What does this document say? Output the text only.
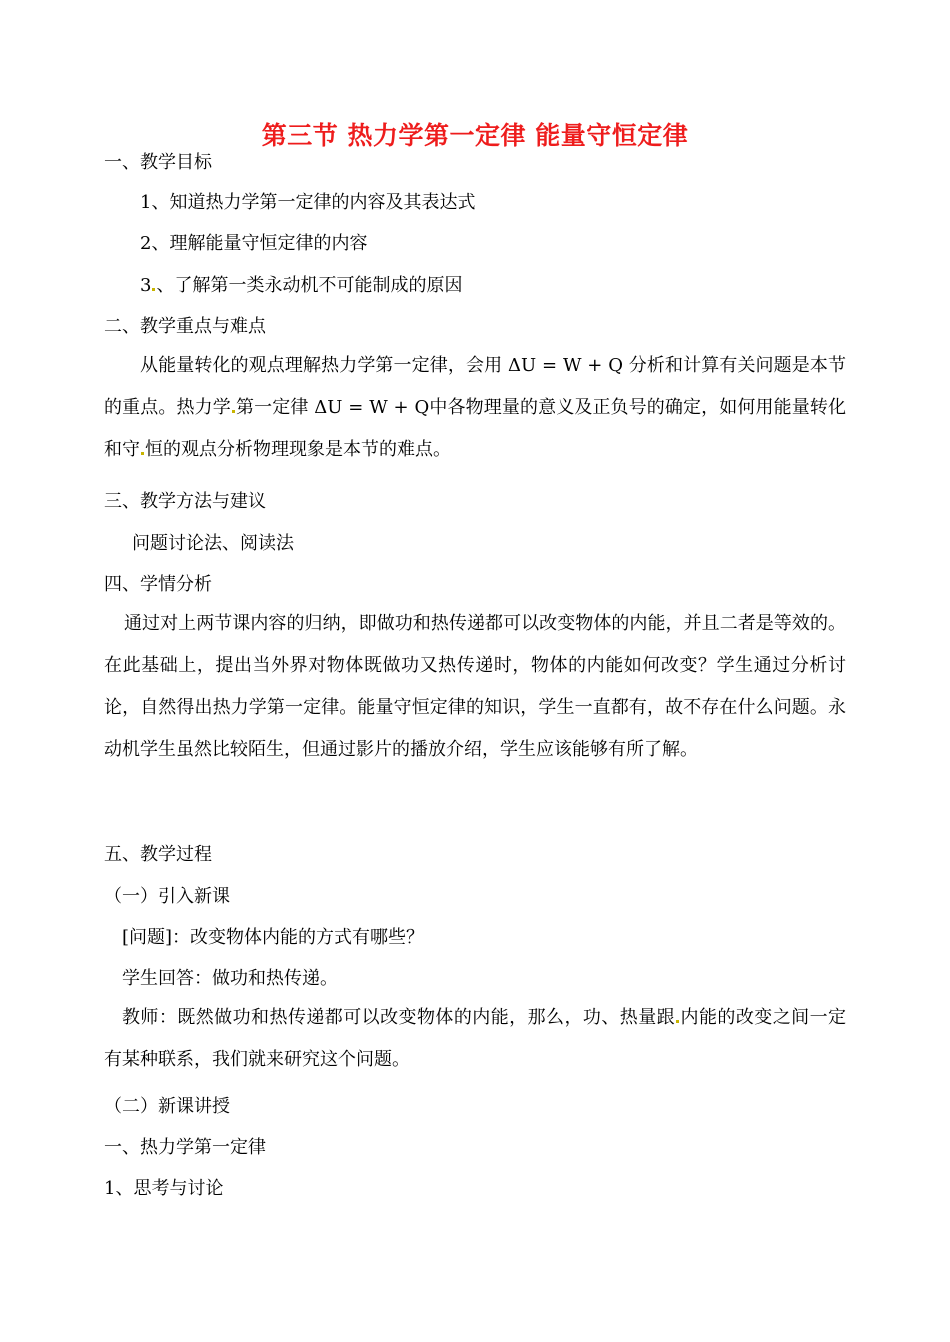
第三节 热力学第一定律 能量守恒定律
一、教学目标
1、知道热力学第一定律的内容及其表达式
2、理解能量守恒定律的内容
3 、了解第一类永动机不可能制成的原因
二、教学重点与难点
从能量转化的观点理解热力学第一定律，会用 ΔU = W + Q 分析和计算有关问题是本节的重点。热力学 第一定律 ΔU = W + Q中各物理量的意义及正负号的确定，如何用能量转化和守 恒的观点分析物理现象是本节的难点。
三、教学方法与建议
问题讨论法、阅读法
四、学情分析
通过对上两节课内容的归纳，即做功和热传递都可以改变物体的内能，并且二者是等效的。在此基础上，提出当外界对物体既做功又热传递时，物体的内能如何改变？学生通过分析讨论，自然得出热力学第一定律。能量守恒定律的知识，学生一直都有，故不存在什么问题。永动机学生虽然比较陌生，但通过影片的播放介绍，学生应该能够有所了解。
五、教学过程
（一）引入新课
[问题]：改变物体内能的方式有哪些？
学生回答：做功和热传递。
教师：既然做功和热传递都可以改变物体的内能，那么，功、热量跟 内能的改变之间一定有某种联系，我们就来研究这个问题。
（二）新课讲授
一、热力学第一定律
1、思考与讨论
